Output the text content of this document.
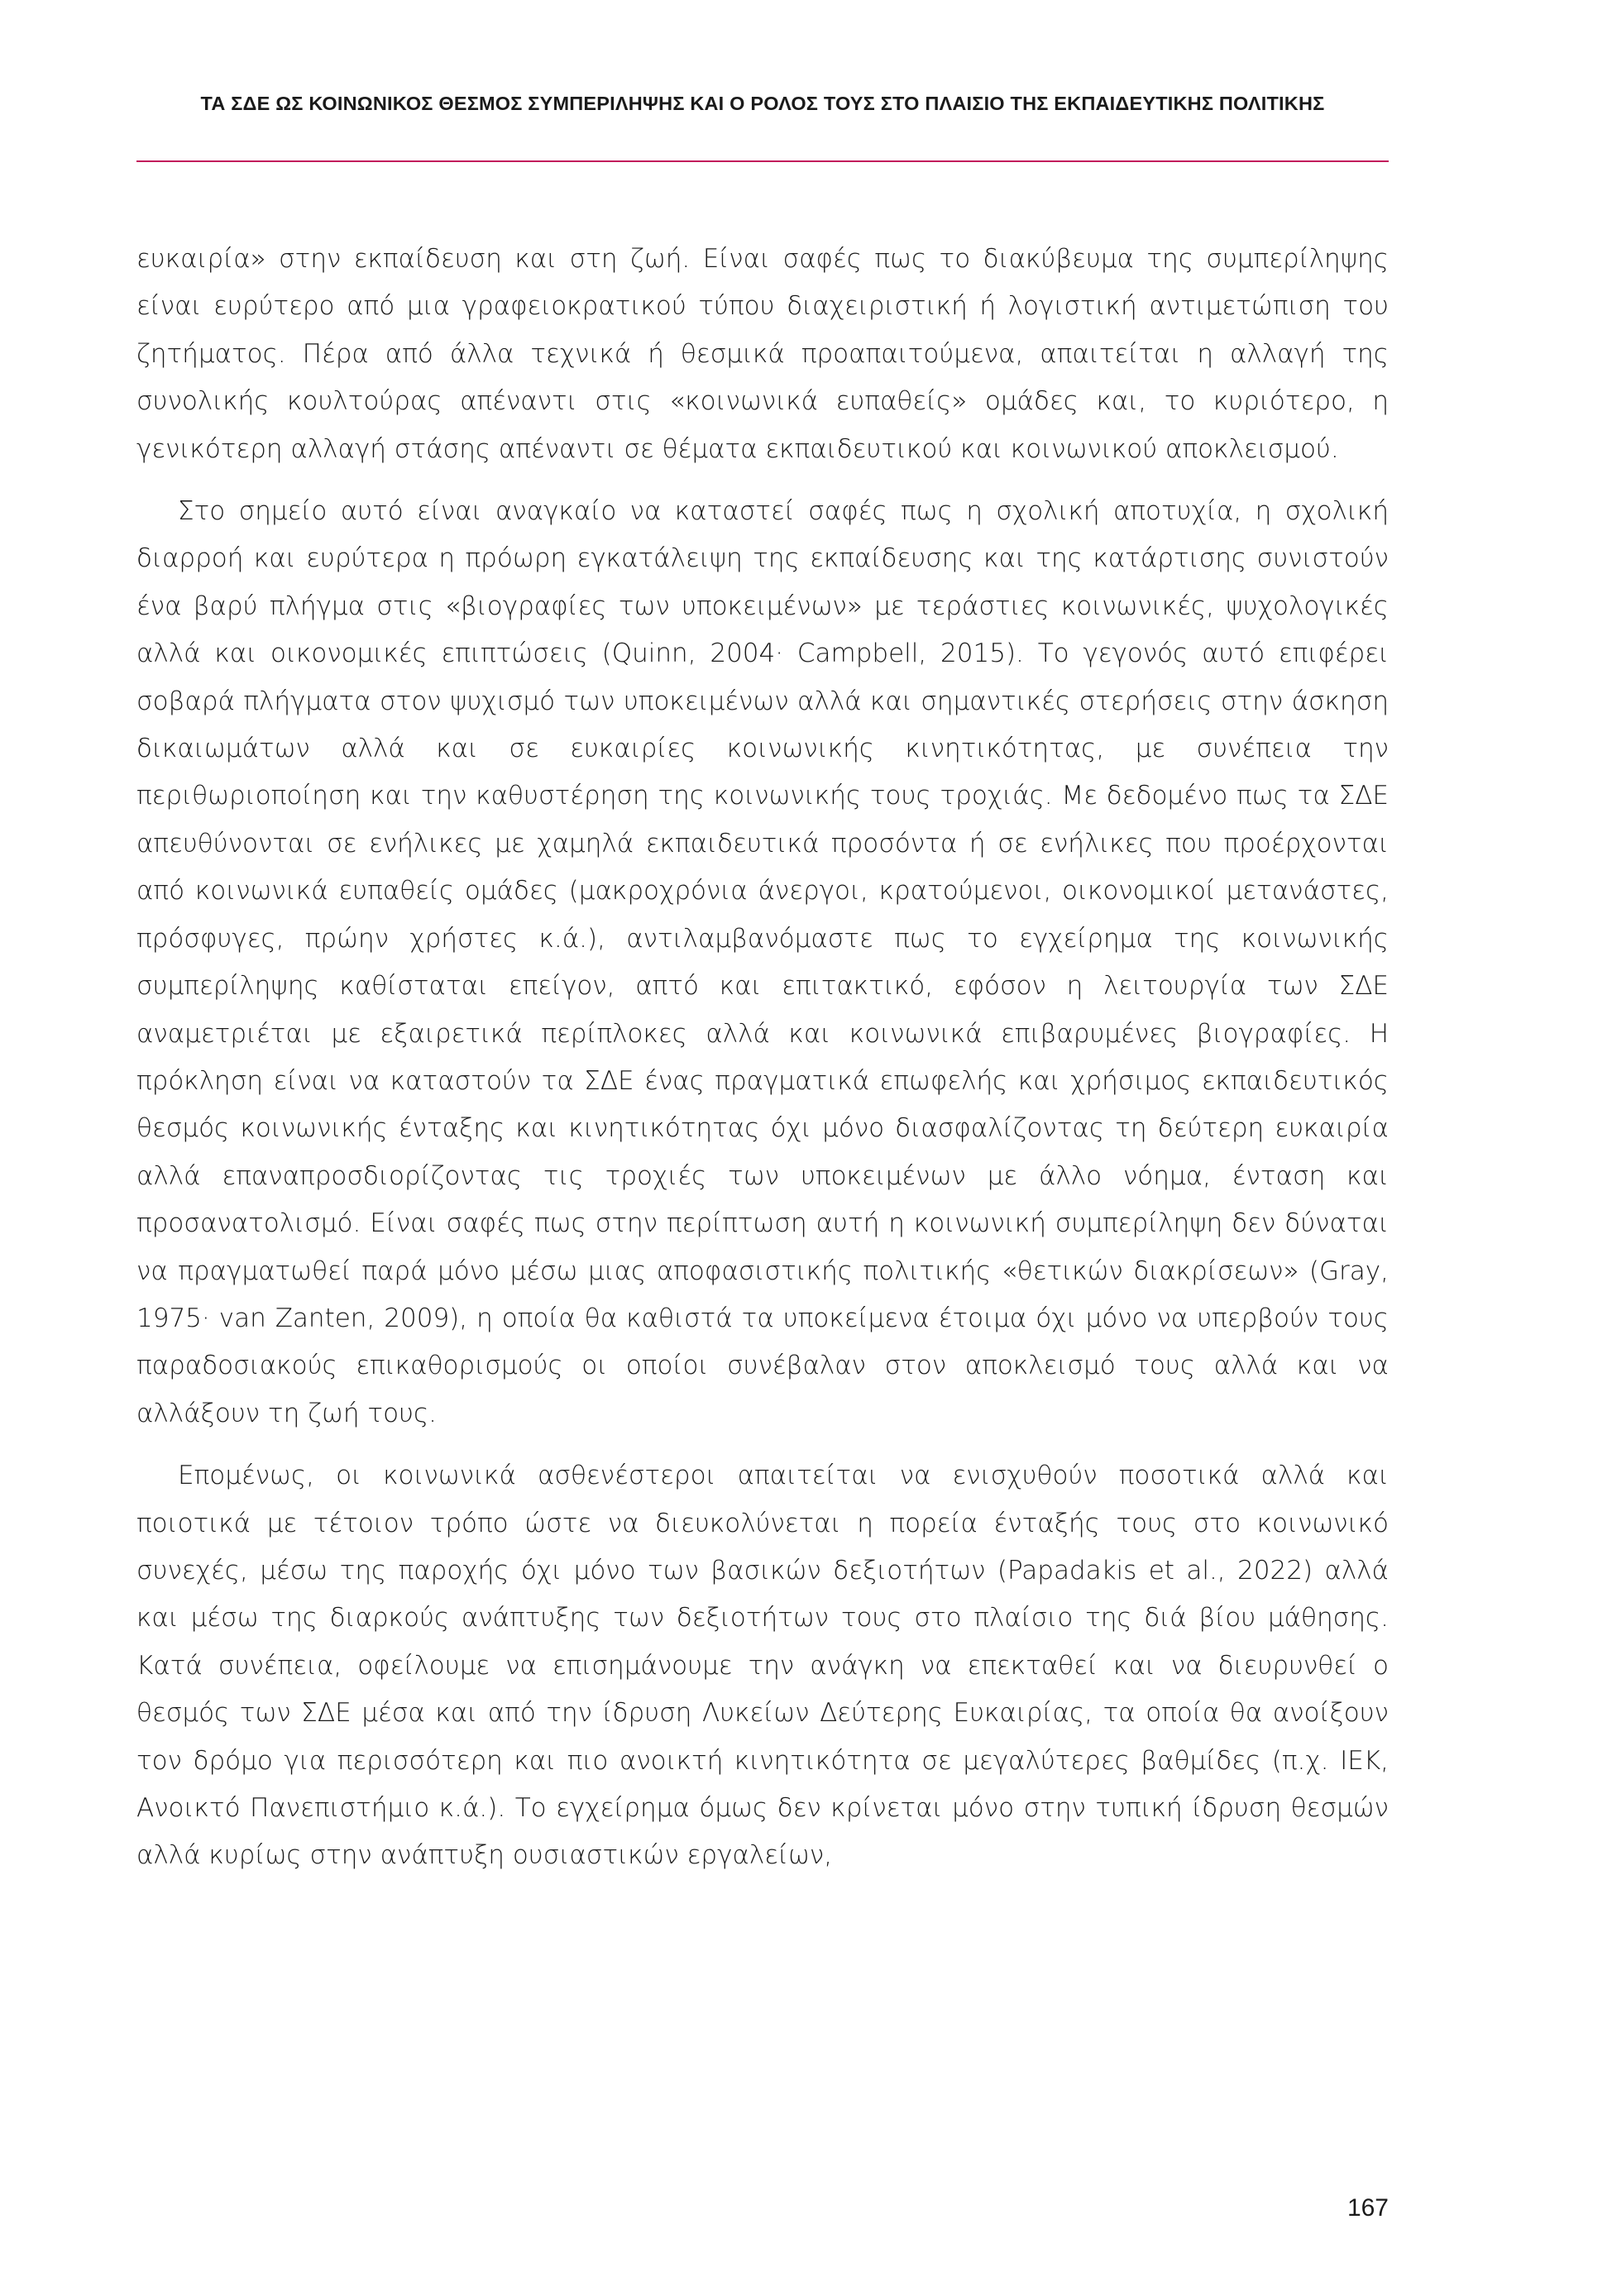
ΤΑ ΣΔΕ ΩΣ ΚΟΙΝΩΝΙΚΟΣ ΘΕΣΜΟΣ ΣΥΜΠΕΡΙΛΗΨΗΣ ΚΑΙ Ο ΡΟΛΟΣ ΤΟΥΣ ΣΤΟ ΠΛΑΙΣΙΟ ΤΗΣ ΕΚΠΑΙΔΕΥΤΙΚΗΣ ΠΟΛΙΤΙΚΗΣ

ευκαιρία» στην εκπαίδευση και στη ζωή. Είναι σαφές πως το διακύβευμα της συμπερίληψης είναι ευρύτερο από μια γραφειοκρατικού τύπου διαχειριστική ή λογιστική αντιμετώπιση του ζητήματος. Πέρα από άλλα τεχνικά ή θεσμικά προαπαιτούμενα, απαιτείται η αλλαγή της συνολικής κουλτούρας απέναντι στις «κοινωνικά ευπαθείς» ομάδες και, το κυριότερο, η γενικότερη αλλαγή στάσης απέναντι σε θέματα εκπαιδευτικού και κοινωνικού αποκλεισμού.

Στο σημείο αυτό είναι αναγκαίο να καταστεί σαφές πως η σχολική αποτυχία, η σχολική διαρροή και ευρύτερα η πρόωρη εγκατάλειψη της εκπαίδευσης και της κατάρτισης συνιστούν ένα βαρύ πλήγμα στις «βιογραφίες των υποκειμένων» με τεράστιες κοινωνικές, ψυχολογικές αλλά και οικονομικές επιπτώσεις (Quinn, 2004· Campbell, 2015). Το γεγονός αυτό επιφέρει σοβαρά πλήγματα στον ψυχισμό των υποκειμένων αλλά και σημαντικές στερήσεις στην άσκηση δικαιωμάτων αλλά και σε ευκαιρίες κοινωνικής κινητικότητας, με συνέπεια την περιθωριοποίηση και την καθυστέρηση της κοινωνικής τους τροχιάς. Με δεδομένο πως τα ΣΔΕ απευθύνονται σε ενήλικες με χαμηλά εκπαιδευτικά προσόντα ή σε ενήλικες που προέρχονται από κοινωνικά ευπαθείς ομάδες (μακροχρόνια άνεργοι, κρατούμενοι, οικονομικοί μετανάστες, πρόσφυγες, πρώην χρήστες κ.ά.), αντιλαμβανόμαστε πως το εγχείρημα της κοινωνικής συμπερίληψης καθίσταται επείγον, απτό και επιτακτικό, εφόσον η λειτουργία των ΣΔΕ αναμετριέται με εξαιρετικά περίπλοκες αλλά και κοινωνικά επιβαρυμένες βιογραφίες. Η πρόκληση είναι να καταστούν τα ΣΔΕ ένας πραγματικά επωφελής και χρήσιμος εκπαιδευτικός θεσμός κοινωνικής ένταξης και κινητικότητας όχι μόνο διασφαλίζοντας τη δεύτερη ευκαιρία αλλά επαναπροσδιορίζοντας τις τροχιές των υποκειμένων με άλλο νόημα, ένταση και προσανατολισμό. Είναι σαφές πως στην περίπτωση αυτή η κοινωνική συμπερίληψη δεν δύναται να πραγματωθεί παρά μόνο μέσω μιας αποφασιστικής πολιτικής «θετικών διακρίσεων» (Gray, 1975· van Zanten, 2009), η οποία θα καθιστά τα υποκείμενα έτοιμα όχι μόνο να υπερβούν τους παραδοσιακούς επικαθορισμούς οι οποίοι συνέβαλαν στον αποκλεισμό τους αλλά και να αλλάξουν τη ζωή τους.

Επομένως, οι κοινωνικά ασθενέστεροι απαιτείται να ενισχυθούν ποσοτικά αλλά και ποιοτικά με τέτοιον τρόπο ώστε να διευκολύνεται η πορεία ένταξής τους στο κοινωνικό συνεχές, μέσω της παροχής όχι μόνο των βασικών δεξιοτήτων (Papadakis et al., 2022) αλλά και μέσω της διαρκούς ανάπτυξης των δεξιοτήτων τους στο πλαίσιο της διά βίου μάθησης. Κατά συνέπεια, οφείλουμε να επισημάνουμε την ανάγκη να επεκταθεί και να διευρυνθεί ο θεσμός των ΣΔΕ μέσα και από την ίδρυση Λυκείων Δεύτερης Ευκαιρίας, τα οποία θα ανοίξουν τον δρόμο για περισσότερη και πιο ανοικτή κινητικότητα σε μεγαλύτερες βαθμίδες (π.χ. ΙΕΚ, Ανοικτό Πανεπιστήμιο κ.ά.). Το εγχείρημα όμως δεν κρίνεται μόνο στην τυπική ίδρυση θεσμών αλλά κυρίως στην ανάπτυξη ουσιαστικών εργαλείων,

167
